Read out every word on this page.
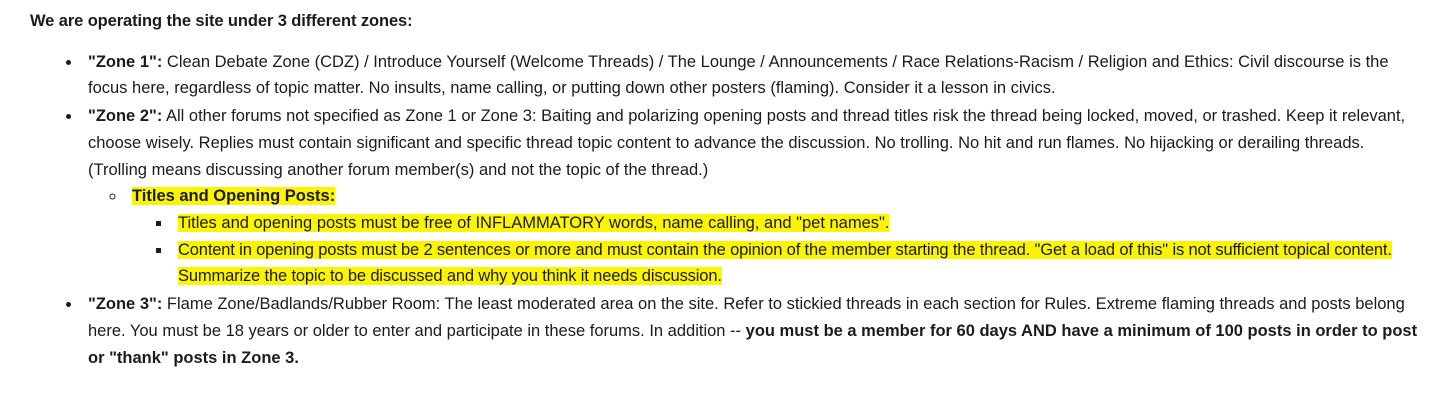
We are operating the site under 3 different zones:

• "Zone 1": Clean Debate Zone (CDZ) / Introduce Yourself (Welcome Threads) / The Lounge / Announcements / Race Relations-Racism / Religion and Ethics: Civil discourse is the focus here, regardless of topic matter. No insults, name calling, or putting down other posters (flaming). Consider it a lesson in civics.
• "Zone 2": All other forums not specified as Zone 1 or Zone 3: Baiting and polarizing opening posts and thread titles risk the thread being locked, moved, or trashed. Keep it relevant, choose wisely. Replies must contain significant and specific thread topic content to advance the discussion. No trolling. No hit and run flames. No hijacking or derailing threads. (Trolling means discussing another forum member(s) and not the topic of the thread.)
◦ Titles and Opening Posts:
▪ Titles and opening posts must be free of INFLAMMATORY words, name calling, and "pet names".
▪ Content in opening posts must be 2 sentences or more and must contain the opinion of the member starting the thread. "Get a load of this" is not sufficient topical content. Summarize the topic to be discussed and why you think it needs discussion.
• "Zone 3": Flame Zone/Badlands/Rubber Room: The least moderated area on the site. Refer to stickied threads in each section for Rules. Extreme flaming threads and posts belong here. You must be 18 years or older to enter and participate in these forums. In addition -- you must be a member for 60 days AND have a minimum of 100 posts in order to post or "thank" posts in Zone 3.
